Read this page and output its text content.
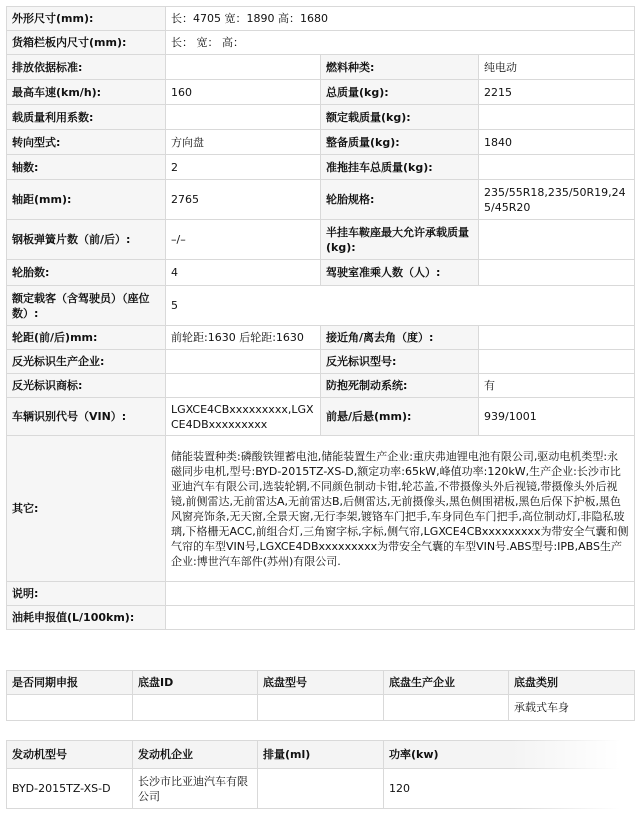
外形尺寸(mm):	长：4705 宽：1890 高：1680		
货箱栏板内尺寸(mm):	长： 宽： 高：		
排放依据标准:		燃料种类:	纯电动
最高车速(km/h):	160	总质量(kg):	2215
载质量利用系数:		额定载质量(kg):	
转向型式:	方向盘	整备质量(kg):	1840
轴数:	2	准拖挂车总质量(kg):	
轴距(mm):	2765	轮胎规格:	235/55R18,235/50R19,245/45R20
钢板弹簧片数（前/后）:	–/–	半挂车鞍座最大允许承载质量(kg):	
轮胎数:	4	驾驶室准乘人数（人）:	
额定载客（含驾驶员）（座位数）:	5		
轮距(前/后)mm:	前轮距:1630 后轮距:1630	接近角/离去角（度）:	
反光标识生产企业:		反光标识型号:	
反光标识商标:		防抱死制动系统:	有
车辆识别代号（VIN）:	LGXCE4CBxxxxxxxxx,LGXCE4DBxxxxxxxxx	前悬/后悬(mm):	939/1001
其它:	储能装置种类:磷酸铁锂蓄电池,储能装置生产企业:重庆弗迪锂电池有限公司,驱动电机类型:永磁同步电机,型号:BYD-2015TZ-XS-D,额定功率:65kW,峰值功率:120kW,生产企业:长沙市比亚迪汽车有限公司,选装轮辋,不同颜色制动卡钳,轮芯盖,不带摄像头外后视镜,带摄像头外后视镜,前侧雷达,无前雷达A,无前雷达B,后侧雷达,无前摄像头,黑色侧围裙板,黑色后保下护板,黑色风窗亮饰条,无天窗,全景天窗,无行李架,镀铬车门把手,车身同色车门把手,高位制动灯,非隐私玻璃,下格栅无ACC,前组合灯,三角窗字标,字标,侧气帘,LGXCE4CBxxxxxxxxx为带安全气囊和侧气帘的车型VIN号,LGXCE4DBxxxxxxxxx为带安全气囊的车型VIN号.ABS型号:IPB,ABS生产企业:博世汽车部件(苏州)有限公司.		
说明:			
油耗申报值(L/100km):			
是否同期申报	底盘ID	底盘型号	底盘生产企业	底盘类别
				承载式车身
发动机型号	发动机企业	排量(ml)	功率(kw)
BYD-2015TZ-XS-D	长沙市比亚迪汽车有限公司		120
